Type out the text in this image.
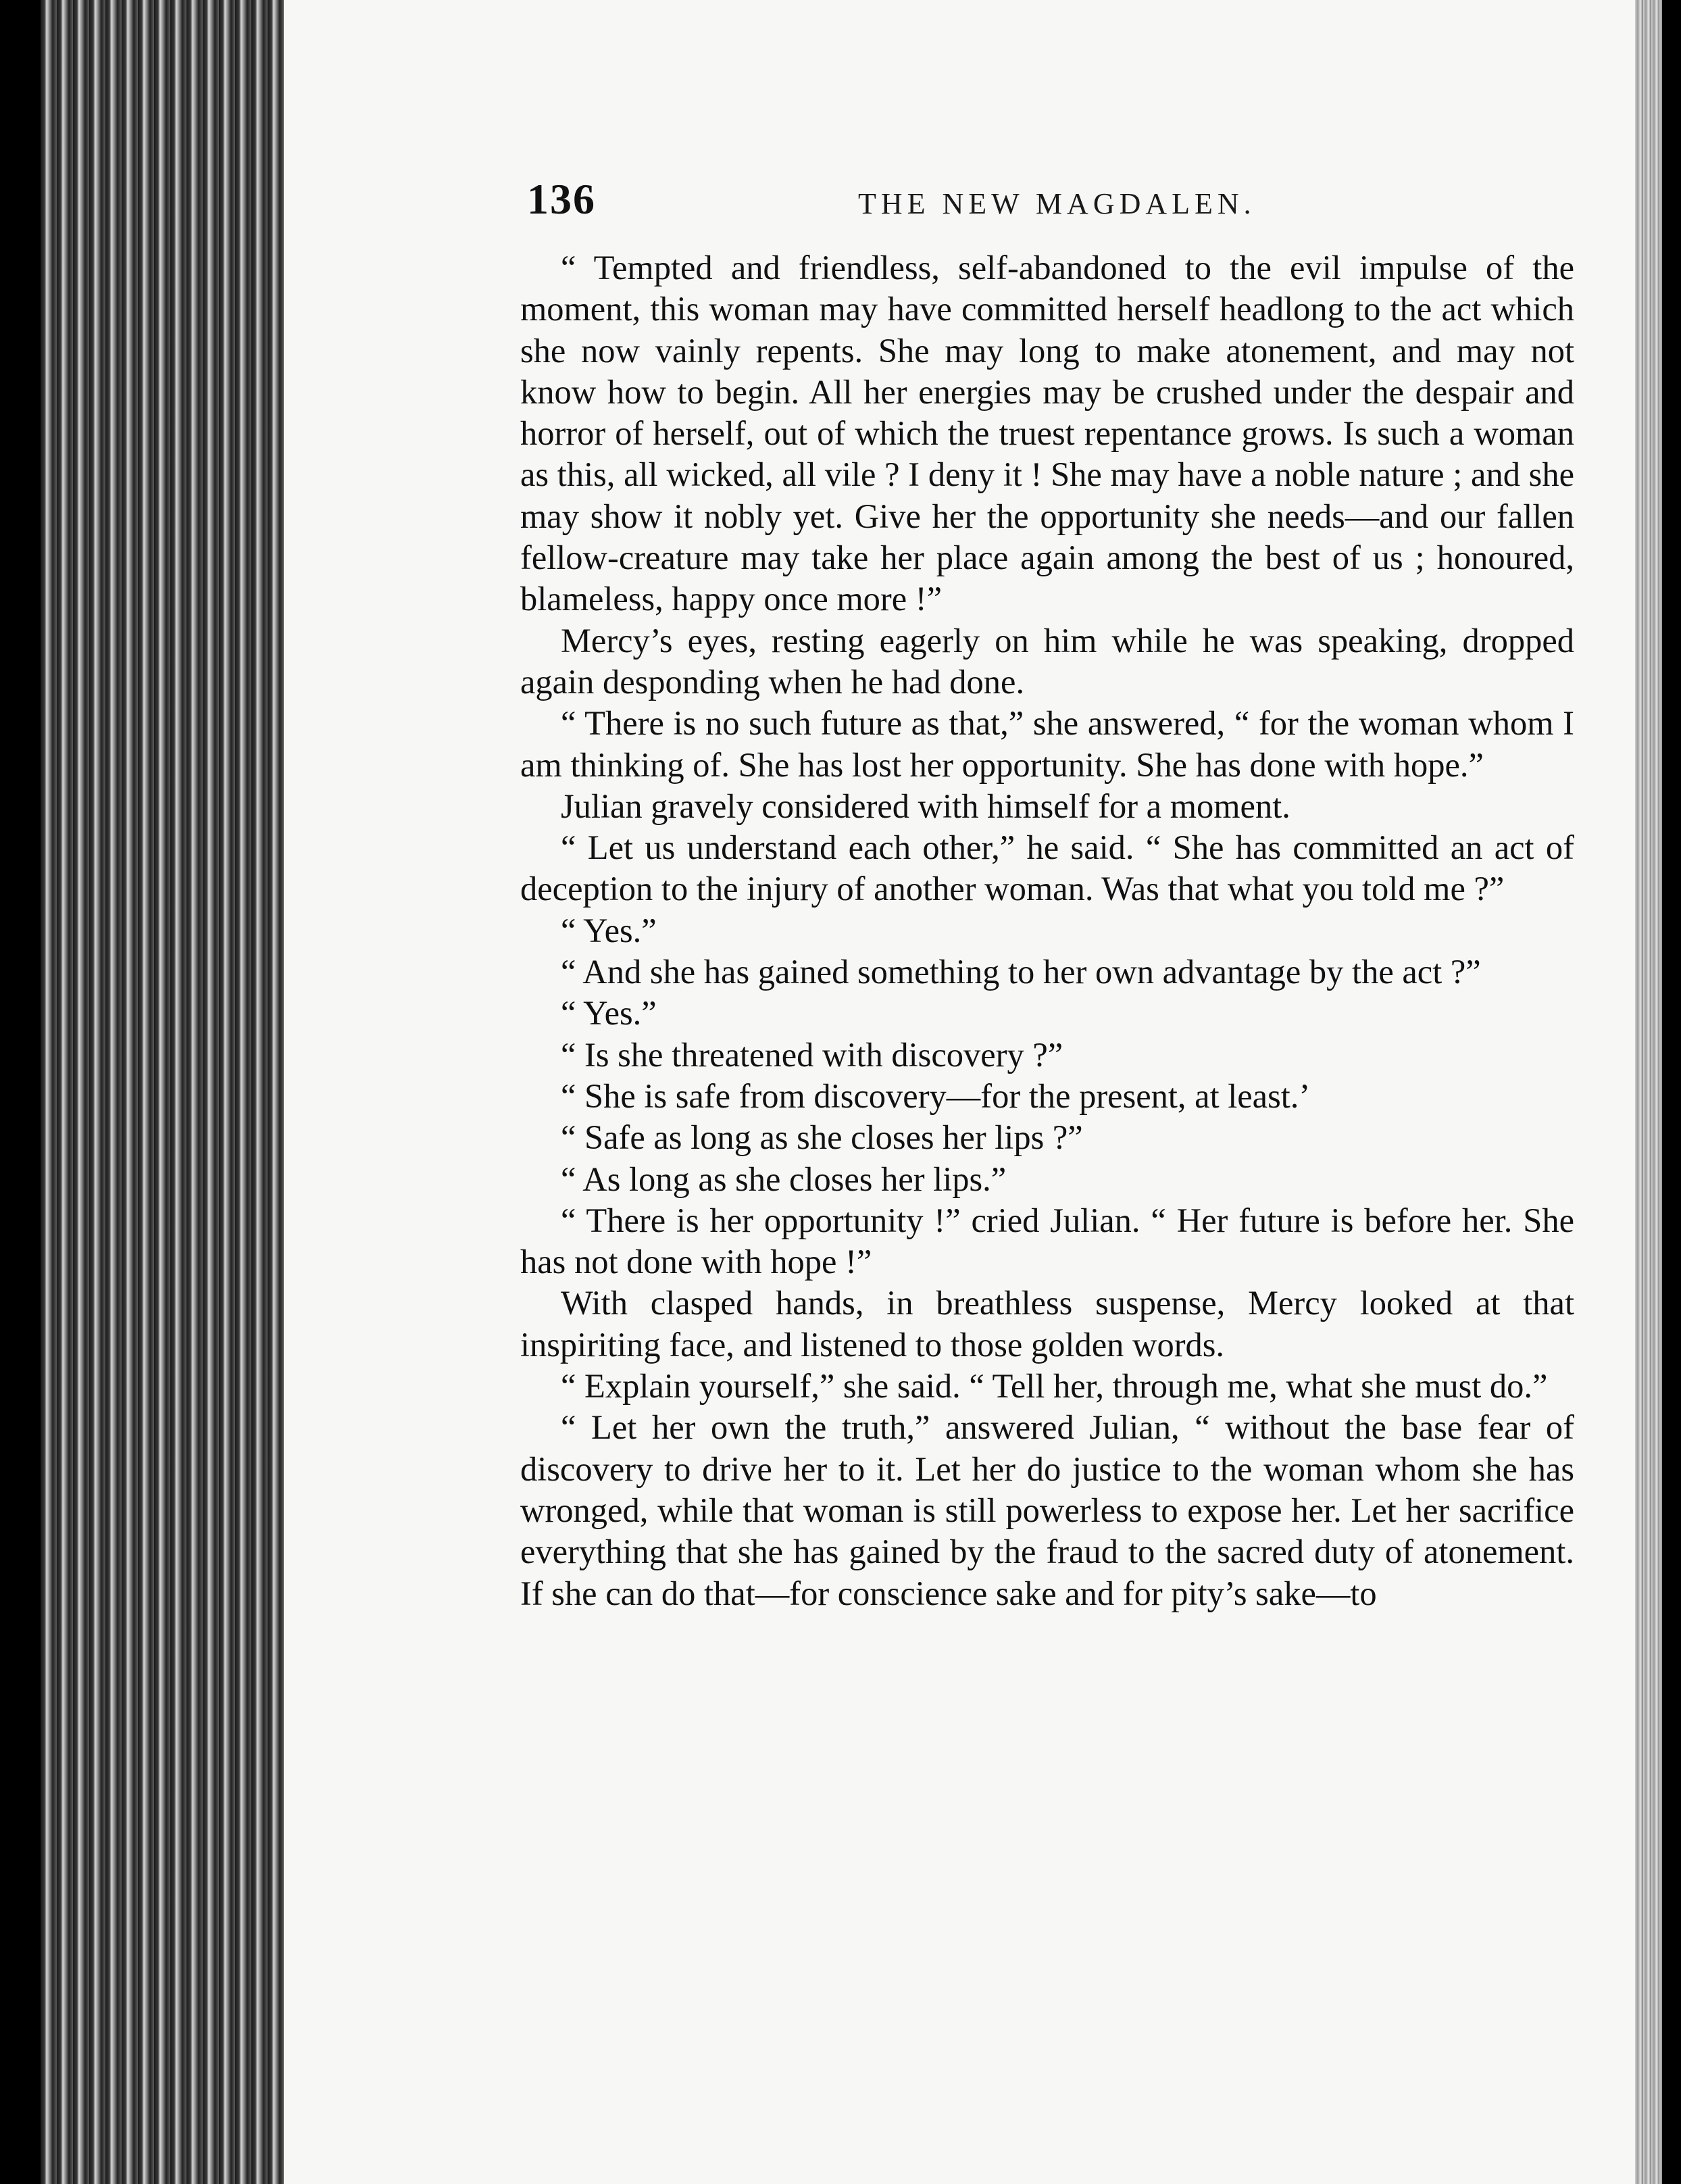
136	THE NEW MAGDALEN.

“ Tempted and friendless, self-abandoned to the evil impulse of the moment, this woman may have committed herself headlong to the act which she now vainly repents. She may long to make atonement, and may not know how to begin. All her energies may be crushed under the despair and horror of herself, out of which the truest repentance grows. Is such a woman as this, all wicked, all vile ? I deny it ! She may have a noble nature ; and she may show it nobly yet. Give her the opportunity she needs—and our fallen fellow-creature may take her place again among the best of us ; honoured, blameless, happy once more !”

Mercy’s eyes, resting eagerly on him while he was speaking, dropped again desponding when he had done.

“ There is no such future as that,” she answered, “ for the woman whom I am thinking of. She has lost her opportunity. She has done with hope.”

Julian gravely considered with himself for a moment.

“ Let us understand each other,” he said. “ She has committed an act of deception to the injury of another woman. Was that what you told me ?”

“ Yes.”

“ And she has gained something to her own advantage by the act ?”

“ Yes.”

“ Is she threatened with discovery ?”

“ She is safe from discovery—for the present, at least.’

“ Safe as long as she closes her lips ?”

“ As long as she closes her lips.”

“ There is her opportunity !” cried Julian. “ Her future is before her. She has not done with hope !”

With clasped hands, in breathless suspense, Mercy looked at that inspiriting face, and listened to those golden words.

“ Explain yourself,” she said. “ Tell her, through me, what she must do.”

“ Let her own the truth,” answered Julian, “ without the base fear of discovery to drive her to it. Let her do justice to the woman whom she has wronged, while that woman is still powerless to expose her. Let her sacrifice everything that she has gained by the fraud to the sacred duty of atonement. If she can do that—for conscience sake and for pity’s sake—to
